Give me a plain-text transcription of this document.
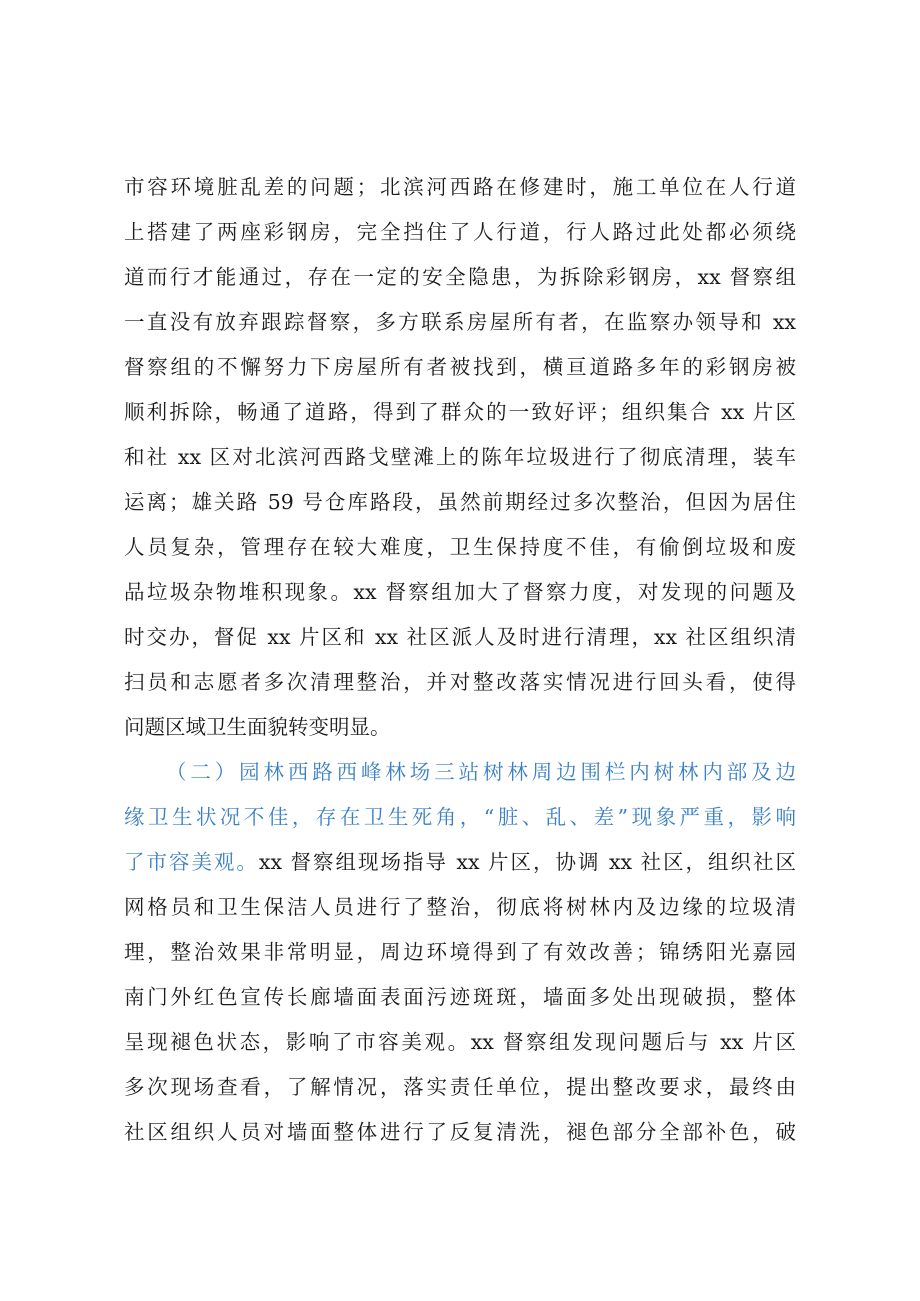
市容环境脏乱差的问题；北滨河西路在修建时，施工单位在人行道
上搭建了两座彩钢房，完全挡住了人行道，行人路过此处都必须绕
道而行才能通过，存在一定的安全隐患，为拆除彩钢房，xx 督察组
一直没有放弃跟踪督察，多方联系房屋所有者，在监察办领导和 xx
督察组的不懈努力下房屋所有者被找到，横亘道路多年的彩钢房被
顺利拆除，畅通了道路，得到了群众的一致好评；组织集合 xx 片区
和社 xx 区对北滨河西路戈壁滩上的陈年垃圾进行了彻底清理，装车
运离；雄关路 59 号仓库路段，虽然前期经过多次整治，但因为居住
人员复杂，管理存在较大难度，卫生保持度不佳，有偷倒垃圾和废
品垃圾杂物堆积现象。xx 督察组加大了督察力度，对发现的问题及
时交办，督促 xx 片区和 xx 社区派人及时进行清理，xx 社区组织清
扫员和志愿者多次清理整治，并对整改落实情况进行回头看，使得
问题区域卫生面貌转变明显。
（二）园林西路西峰林场三站树林周边围栏内树林内部及边
缘卫生状况不佳，存在卫生死角，“脏、乱、差”现象严重，影响
了市容美观。xx 督察组现场指导 xx 片区，协调 xx 社区，组织社区
网格员和卫生保洁人员进行了整治，彻底将树林内及边缘的垃圾清
理，整治效果非常明显，周边环境得到了有效改善；锦绣阳光嘉园
南门外红色宣传长廊墙面表面污迹斑斑，墙面多处出现破损，整体
呈现褪色状态，影响了市容美观。xx 督察组发现问题后与 xx 片区
多次现场查看，了解情况，落实责任单位，提出整改要求，最终由
社区组织人员对墙面整体进行了反复清洗，褪色部分全部补色，破
